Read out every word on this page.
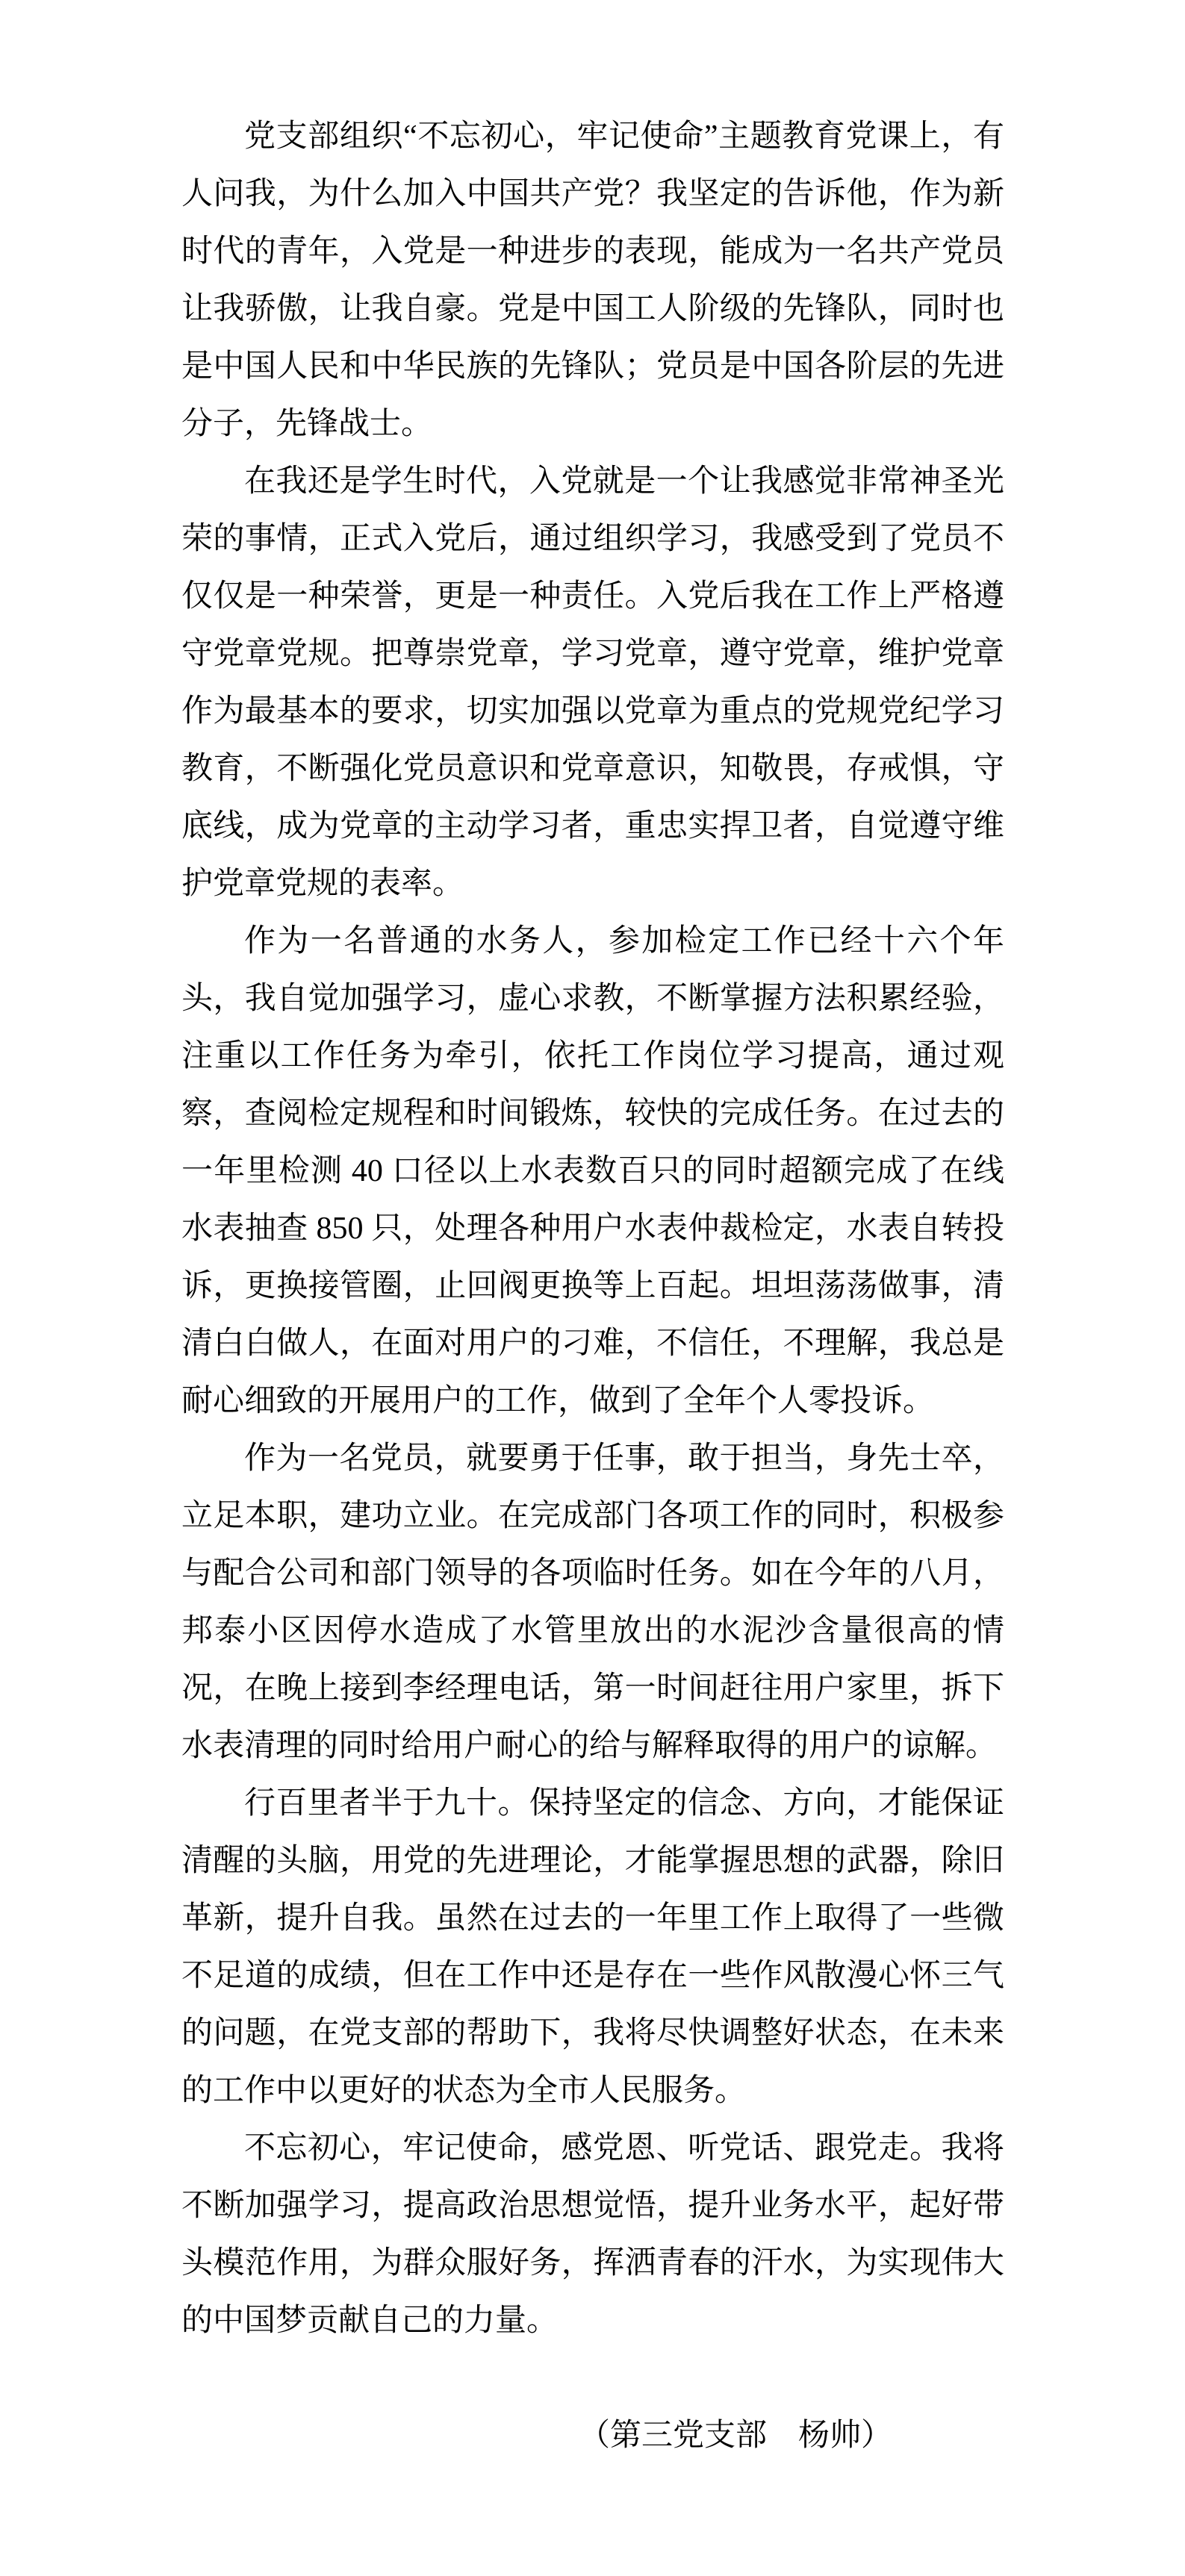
党支部组织“不忘初心，牢记使命”主题教育党课上，有人问我，为什么加入中国共产党？我坚定的告诉他，作为新时代的青年，入党是一种进步的表现，能成为一名共产党员让我骄傲，让我自豪。党是中国工人阶级的先锋队，同时也是中国人民和中华民族的先锋队；党员是中国各阶层的先进分子，先锋战士。

在我还是学生时代，入党就是一个让我感觉非常神圣光荣的事情，正式入党后，通过组织学习，我感受到了党员不仅仅是一种荣誉，更是一种责任。入党后我在工作上严格遵守党章党规。把尊崇党章，学习党章，遵守党章，维护党章作为最基本的要求，切实加强以党章为重点的党规党纪学习教育，不断强化党员意识和党章意识，知敬畏，存戒惧，守底线，成为党章的主动学习者，重忠实捍卫者，自觉遵守维护党章党规的表率。

作为一名普通的水务人，参加检定工作已经十六个年头，我自觉加强学习，虚心求教，不断掌握方法积累经验，注重以工作任务为牵引，依托工作岗位学习提高，通过观察，查阅检定规程和时间锻炼，较快的完成任务。在过去的一年里检测 40 口径以上水表数百只的同时超额完成了在线水表抽查 850 只，处理各种用户水表仲裁检定，水表自转投诉，更换接管圈，止回阀更换等上百起。坦坦荡荡做事，清清白白做人，在面对用户的刁难，不信任，不理解，我总是耐心细致的开展用户的工作，做到了全年个人零投诉。

作为一名党员，就要勇于任事，敢于担当，身先士卒，立足本职，建功立业。在完成部门各项工作的同时，积极参与配合公司和部门领导的各项临时任务。如在今年的八月，邦泰小区因停水造成了水管里放出的水泥沙含量很高的情况，在晚上接到李经理电话，第一时间赶往用户家里，拆下水表清理的同时给用户耐心的给与解释取得的用户的谅解。

行百里者半于九十。保持坚定的信念、方向，才能保证清醒的头脑，用党的先进理论，才能掌握思想的武器，除旧革新，提升自我。虽然在过去的一年里工作上取得了一些微不足道的成绩，但在工作中还是存在一些作风散漫心怀三气的问题，在党支部的帮助下，我将尽快调整好状态，在未来的工作中以更好的状态为全市人民服务。

不忘初心，牢记使命，感党恩、听党话、跟党走。我将不断加强学习，提高政治思想觉悟，提升业务水平，起好带头模范作用，为群众服好务，挥洒青春的汗水，为实现伟大的中国梦贡献自己的力量。

（第三党支部　杨帅）
